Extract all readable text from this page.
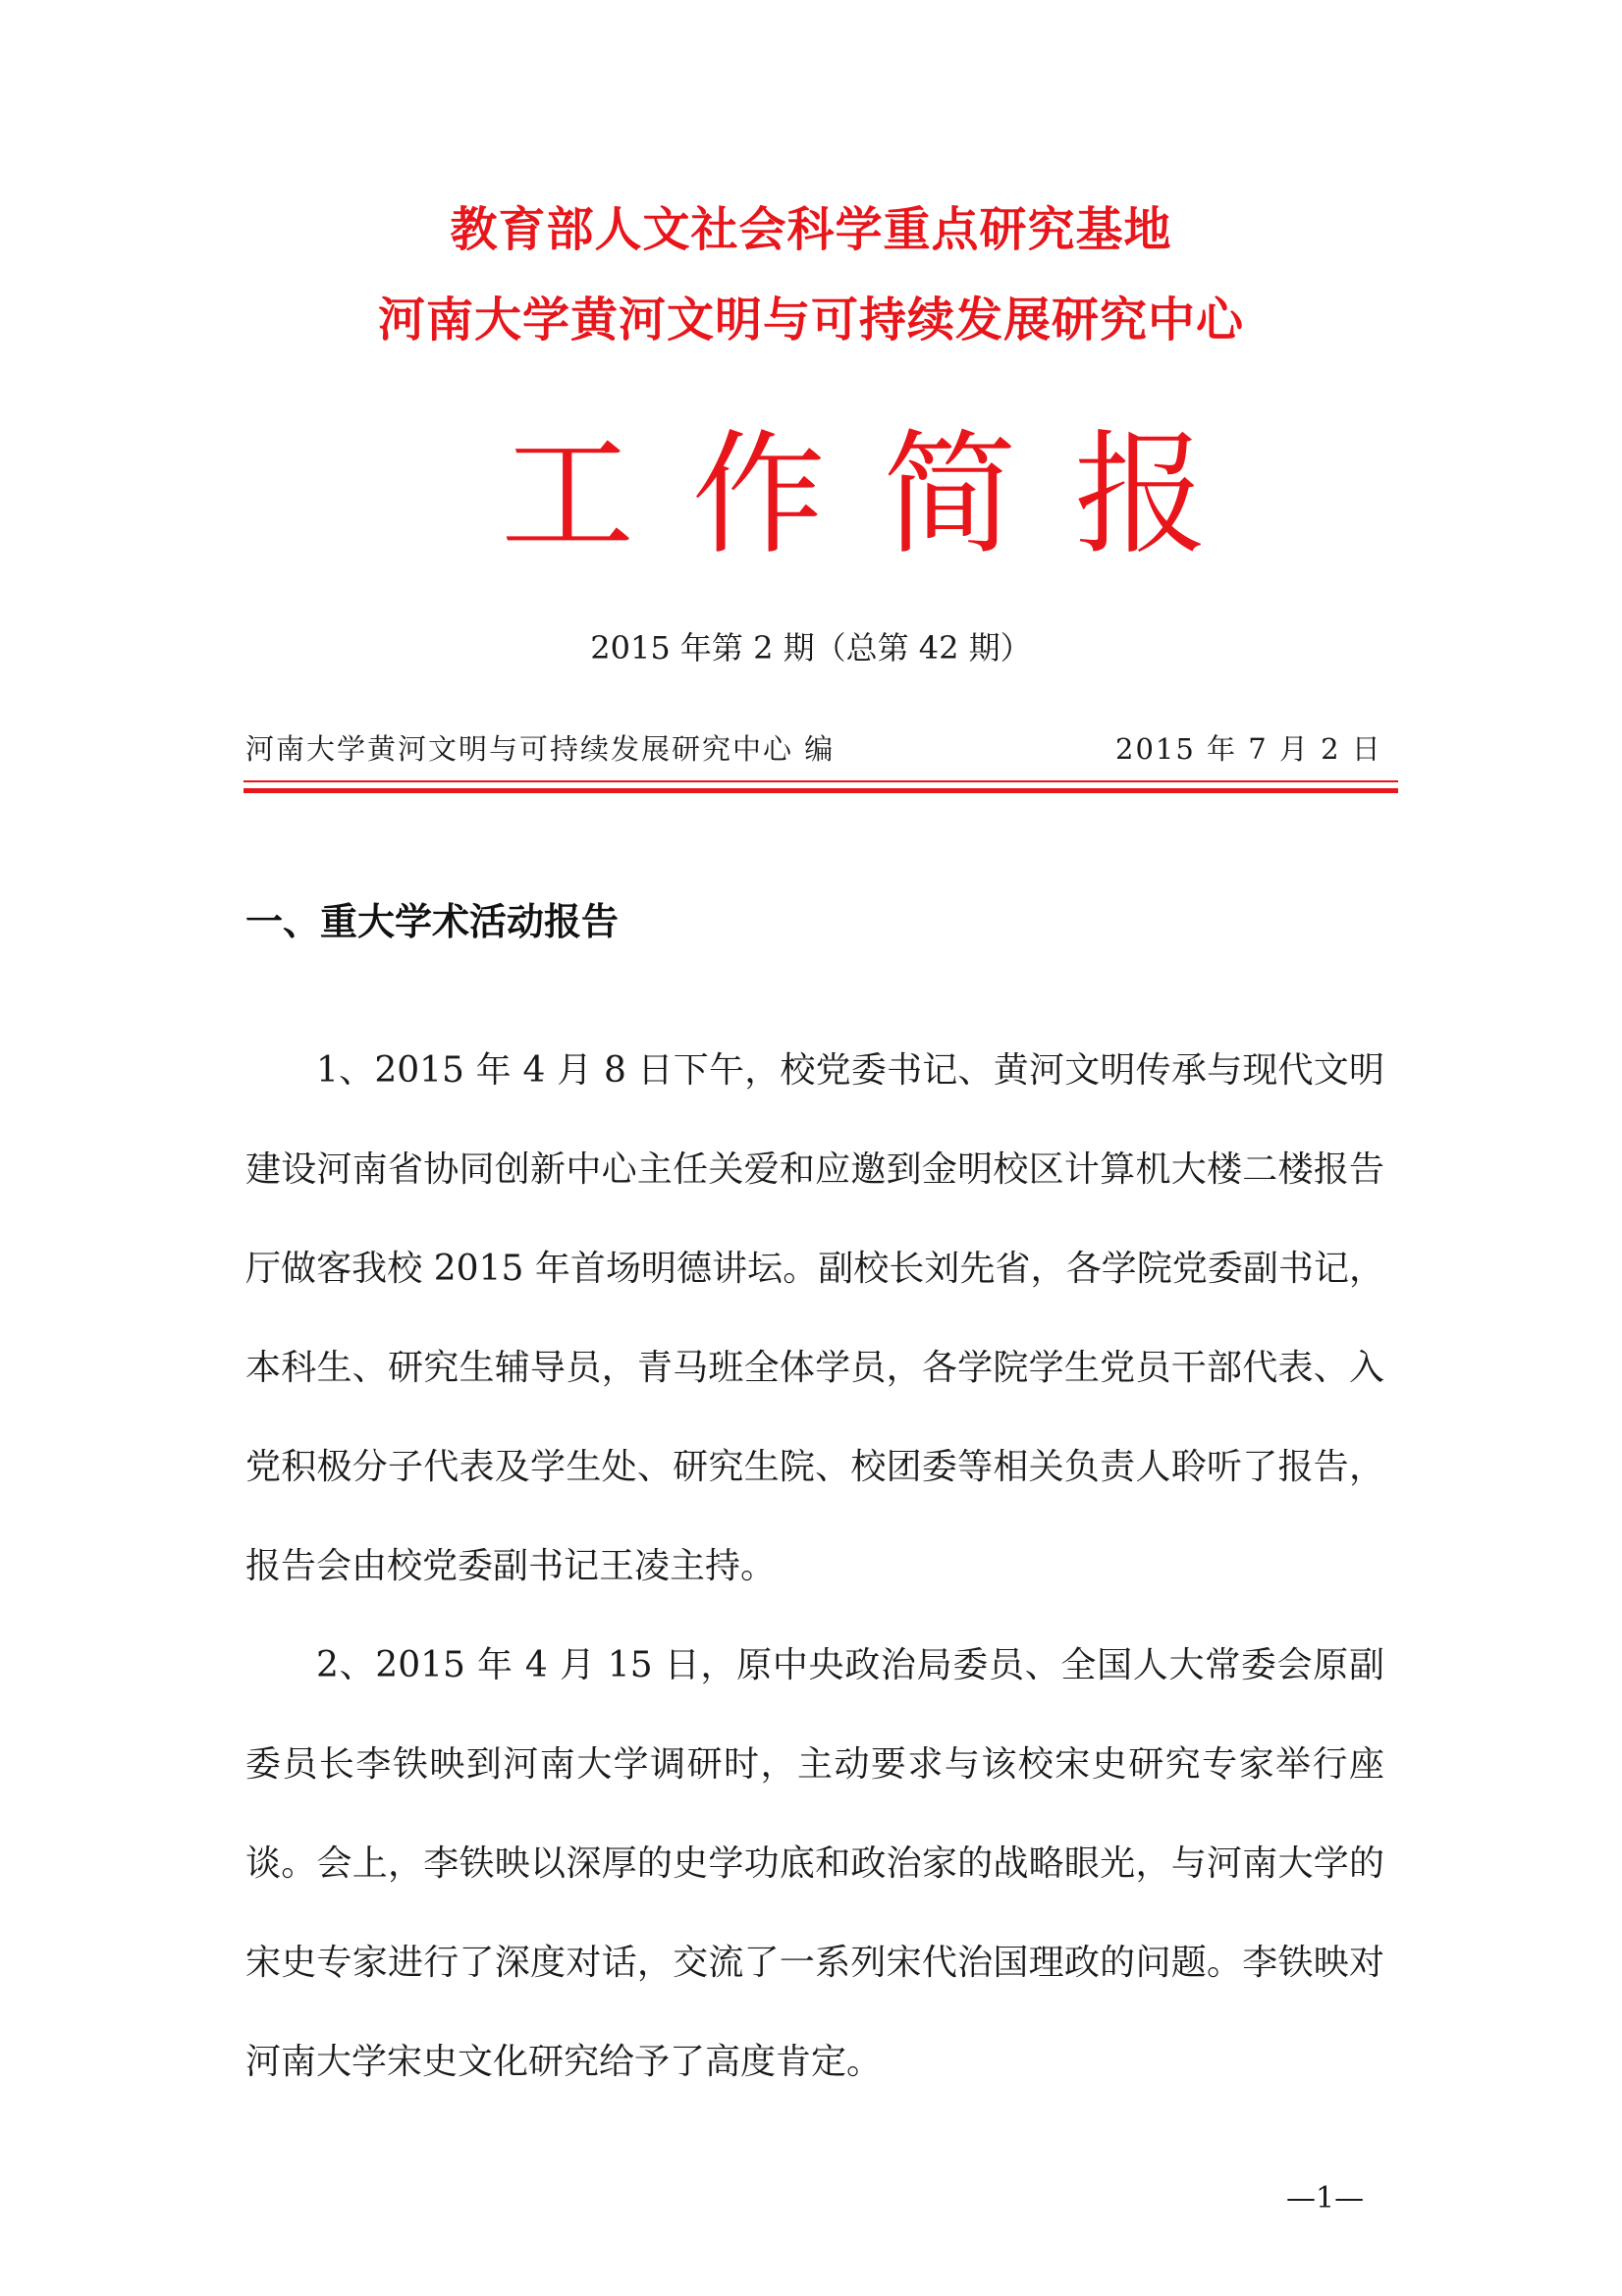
教育部人文社会科学重点研究基地
河南大学黄河文明与可持续发展研究中心
工 作 简 报
2015 年第 2 期（总第 42 期）
河南大学黄河文明与可持续发展研究中心 编	2015 年 7 月 2 日
一、重大学术活动报告

1、2015 年 4 月 8 日下午，校党委书记、黄河文明传承与现代文明建设河南省协同创新中心主任关爱和应邀到金明校区计算机大楼二楼报告厅做客我校 2015 年首场明德讲坛。副校长刘先省，各学院党委副书记，本科生、研究生辅导员，青马班全体学员，各学院学生党员干部代表、入党积极分子代表及学生处、研究生院、校团委等相关负责人聆听了报告，报告会由校党委副书记王凌主持。

2、2015 年 4 月 15 日，原中央政治局委员、全国人大常委会原副委员长李铁映到河南大学调研时，主动要求与该校宋史研究专家举行座谈。会上，李铁映以深厚的史学功底和政治家的战略眼光，与河南大学的宋史专家进行了深度对话，交流了一系列宋代治国理政的问题。李铁映对河南大学宋史文化研究给予了高度肯定。

—1—
